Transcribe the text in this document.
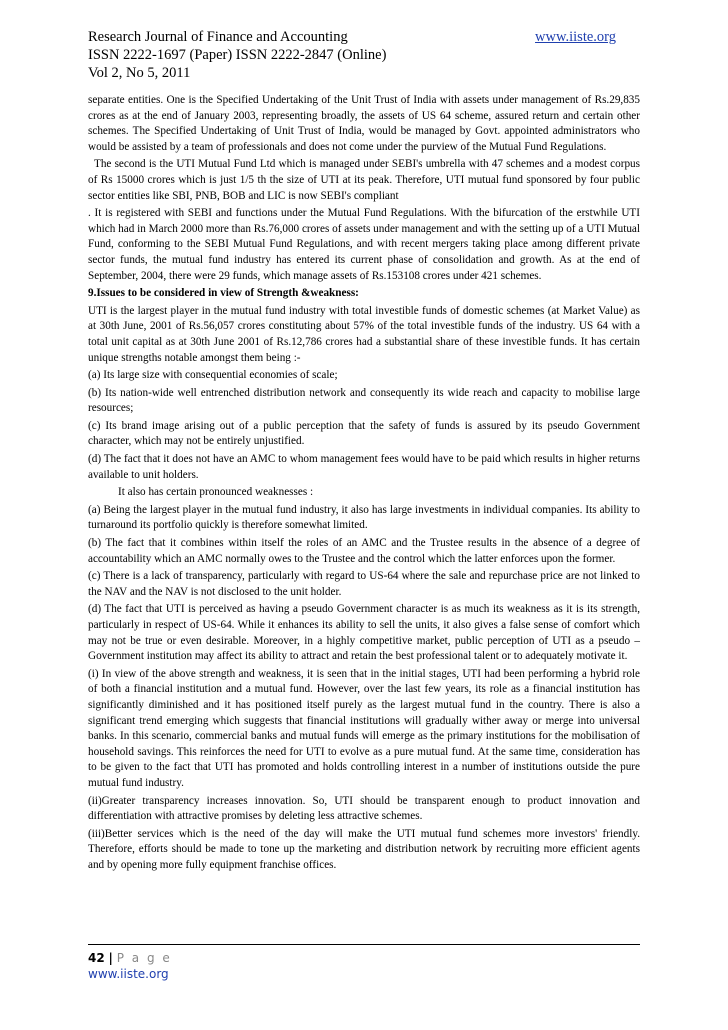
Research Journal of Finance and Accounting	www.iiste.org
ISSN 2222-1697 (Paper) ISSN 2222-2847 (Online)
Vol 2, No 5, 2011

separate entities. One is the Specified Undertaking of the Unit Trust of India with assets under management of Rs.29,835 crores as at the end of January 2003, representing broadly, the assets of US 64 scheme, assured return and certain other schemes. The Specified Undertaking of Unit Trust of India, would be managed by Govt. appointed administrators who would be assisted by a team of professionals and does not come under the purview of the Mutual Fund Regulations.

The second is the UTI Mutual Fund Ltd which is managed under SEBI's umbrella with 47 schemes and a modest corpus of Rs 15000 crores which is just 1/5 th the size of UTI at its peak. Therefore, UTI mutual fund sponsored by four public sector entities like SBI, PNB, BOB and LIC is now SEBI's compliant

. It is registered with SEBI and functions under the Mutual Fund Regulations. With the bifurcation of the erstwhile UTI which had in March 2000 more than Rs.76,000 crores of assets under management and with the setting up of a UTI Mutual Fund, conforming to the SEBI Mutual Fund Regulations, and with recent mergers taking place among different private sector funds, the mutual fund industry has entered its current phase of consolidation and growth. As at the end of September, 2004, there were 29 funds, which manage assets of Rs.153108 crores under 421 schemes.

9.Issues to be considered in view of Strength &weakness:

UTI is the largest player in the mutual fund industry with total investible funds of domestic schemes (at Market Value) as at 30th June, 2001 of Rs.56,057 crores constituting about 57% of the total investible funds of the industry. US 64 with a total unit capital as at 30th June 2001 of Rs.12,786 crores had a substantial share of these investible funds. It has certain unique strengths notable amongst them being :-

(a) Its large size with consequential economies of scale;

(b) Its nation-wide well entrenched distribution network and consequently its wide reach and capacity to mobilise large resources;

(c) Its brand image arising out of a public perception that the safety of funds is assured by its pseudo Government character, which may not be entirely unjustified.

(d) The fact that it does not have an AMC to whom management fees would have to be paid which results in higher returns available to unit holders.

It also has certain pronounced weaknesses :

(a) Being the largest player in the mutual fund industry, it also has large investments in individual companies. Its ability to turnaround its portfolio quickly is therefore somewhat limited.

(b) The fact that it combines within itself the roles of an AMC and the Trustee results in the absence of a degree of accountability which an AMC normally owes to the Trustee and the control which the latter enforces upon the former.

(c) There is a lack of transparency, particularly with regard to US-64 where the sale and repurchase price are not linked to the NAV and the NAV is not disclosed to the unit holder.

(d) The fact that UTI is perceived as having a pseudo Government character is as much its weakness as it is its strength, particularly in respect of US-64. While it enhances its ability to sell the units, it also gives a false sense of comfort which may not be true or even desirable. Moreover, in a highly competitive market, public perception of UTI as a pseudo – Government institution may affect its ability to attract and retain the best professional talent or to adequately motivate it.

(i) In view of the above strength and weakness, it is seen that in the initial stages, UTI had been performing a hybrid role of both a financial institution and a mutual fund. However, over the last few years, its role as a financial institution has significantly diminished and it has positioned itself purely as the largest mutual fund in the country. There is also a significant trend emerging which suggests that financial institutions will gradually wither away or merge into universal banks. In this scenario, commercial banks and mutual funds will emerge as the primary institutions for the mobilisation of household savings. This reinforces the need for UTI to evolve as a pure mutual fund. At the same time, consideration has to be given to the fact that UTI has promoted and holds controlling interest in a number of institutions outside the pure mutual fund industry.

(ii)Greater transparency increases innovation. So, UTI should be transparent enough to product innovation and differentiation with attractive promises by deleting less attractive schemes.

(iii)Better services which is the need of the day will make the UTI mutual fund schemes more investors' friendly. Therefore, efforts should be made to tone up the marketing and distribution network by recruiting more efficient agents and by opening more fully equipment franchise offices.

42 | P a g e
www.iiste.org
